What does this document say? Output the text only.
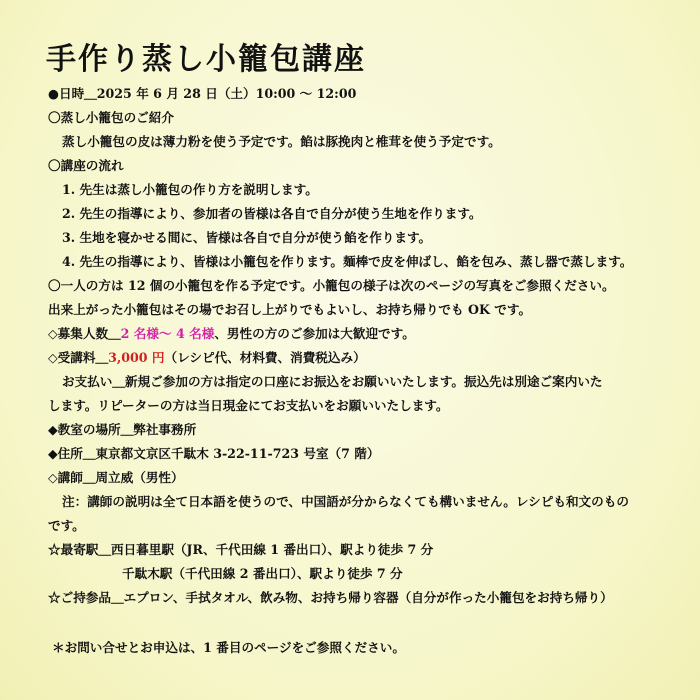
手作り蒸し小籠包講座
●日時＿2025 年 6 月 28 日（土）10:00 ～ 12:00
〇蒸し小籠包のご紹介
蒸し小籠包の皮は薄力粉を使う予定です。餡は豚挽肉と椎茸を使う予定です。
〇講座の流れ
1. 先生は蒸し小籠包の作り方を説明します。
2. 先生の指導により、参加者の皆様は各自で自分が使う生地を作ります。
3. 生地を寝かせる間に、皆様は各自で自分が使う餡を作ります。
4. 先生の指導により、皆様は小籠包を作ります。麺棒で皮を伸ばし、餡を包み、蒸し器で蒸します。
〇一人の方は 12 個の小籠包を作る予定です。小籠包の様子は次のページの写真をご参照ください。
出来上がった小籠包はその場でお召し上がりでもよいし、お持ち帰りでも OK です。
◇募集人数＿2 名様～ 4 名様、男性の方のご参加は大歓迎です。
◇受講料＿3,000 円（レシピ代、材料費、消費税込み）
お支払い＿新規ご参加の方は指定の口座にお振込をお願いいたします。振込先は別途ご案内いた
します。リピーターの方は当日現金にてお支払いをお願いいたします。
◆教室の場所＿弊社事務所
◆住所＿東京都文京区千駄木 3-22-11-723 号室（7 階）
◇講師＿周立威（男性）
注：講師の説明は全て日本語を使うので、中国語が分からなくても構いません。レシピも和文のもの
です。
☆最寄駅＿西日暮里駅（JR、千代田線 1 番出口）、駅より徒歩 7 分
千駄木駅（千代田線 2 番出口）、駅より徒歩 7 分
☆ご持参品＿エプロン、手拭タオル、飲み物、お持ち帰り容器（自分が作った小籠包をお持ち帰り）
＊お問い合せとお申込は、1 番目のページをご参照ください。
